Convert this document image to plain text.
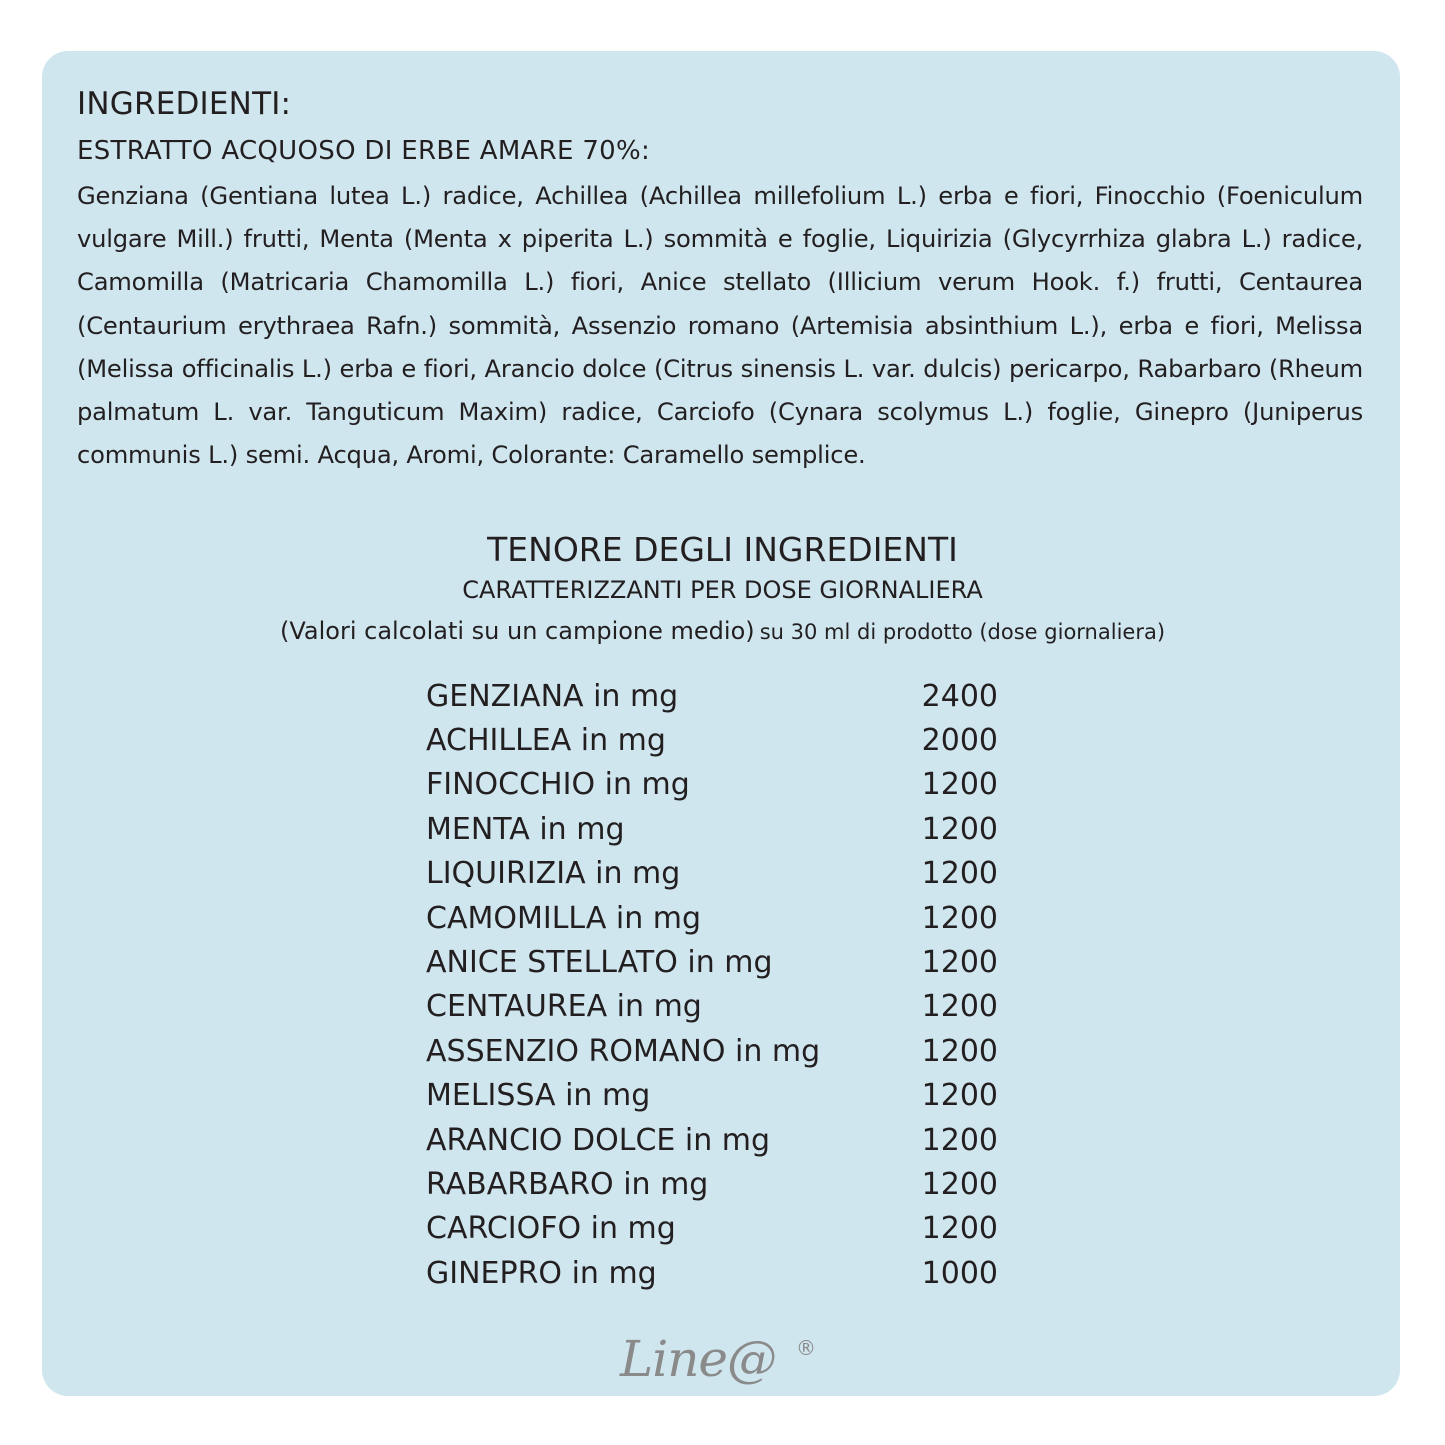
INGREDIENTI:
ESTRATTO ACQUOSO DI ERBE AMARE 70%:

Genziana (Gentiana lutea L.) radice, Achillea (Achillea millefolium L.) erba e fiori, Finocchio (Foeniculum vulgare Mill.) frutti, Menta (Menta x piperita L.) sommità e foglie, Liquirizia (Glycyrrhiza glabra L.) radice, Camomilla (Matricaria Chamomilla L.) fiori, Anice stellato (Illicium verum Hook. f.) frutti, Centaurea (Centaurium erythraea Rafn.) sommità, Assenzio romano (Artemisia absinthium L.), erba e fiori, Melissa (Melissa officinalis L.) erba e fiori, Arancio dolce (Citrus sinensis L. var. dulcis) pericarpo, Rabarbaro (Rheum palmatum L. var. Tanguticum Maxim) radice, Carciofo (Cynara scolymus L.) foglie, Ginepro (Juniperus communis L.) semi. Acqua, Aromi, Colorante: Caramello semplice.

TENORE DEGLI INGREDIENTI
CARATTERIZZANTI PER DOSE GIORNALIERA
(Valori calcolati su un campione medio) su 30 ml di prodotto (dose giornaliera)
GENZIANA in mg	2400
ACHILLEA in mg	2000
FINOCCHIO in mg	1200
MENTA in mg	1200
LIQUIRIZIA in mg	1200
CAMOMILLA in mg	1200
ANICE STELLATO in mg	1200
CENTAUREA in mg	1200
ASSENZIO ROMANO in mg	1200
MELISSA in mg	1200
ARANCIO DOLCE in mg	1200
RABARBARO in mg	1200
CARCIOFO in mg	1200
GINEPRO in mg	1000
Line@ ®
